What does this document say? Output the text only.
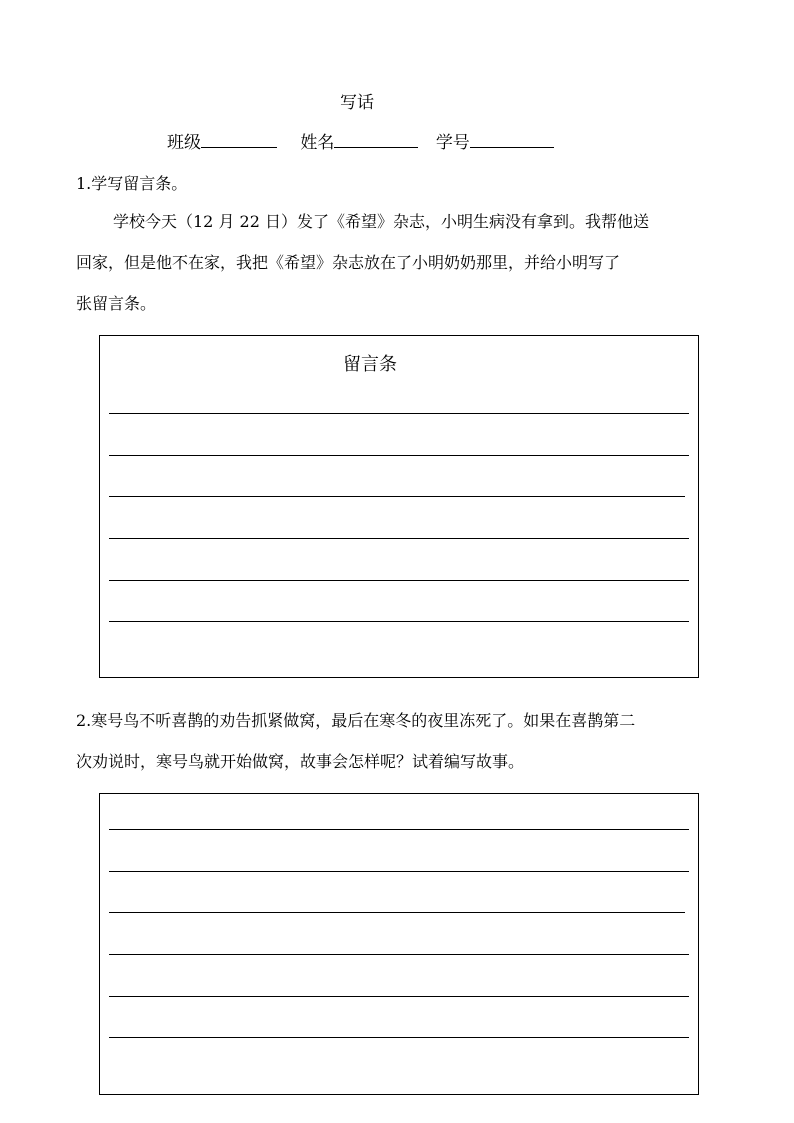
写话
班级	姓名	学号
1.学写留言条。
学校今天（12 月 22 日）发了《希望》杂志，小明生病没有拿到。我帮他送
回家，但是他不在家，我把《希望》杂志放在了小明奶奶那里，并给小明写了
张留言条。
留言条
2.寒号鸟不听喜鹊的劝告抓紧做窝，最后在寒冬的夜里冻死了。如果在喜鹊第二
次劝说时，寒号鸟就开始做窝，故事会怎样呢？试着编写故事。
